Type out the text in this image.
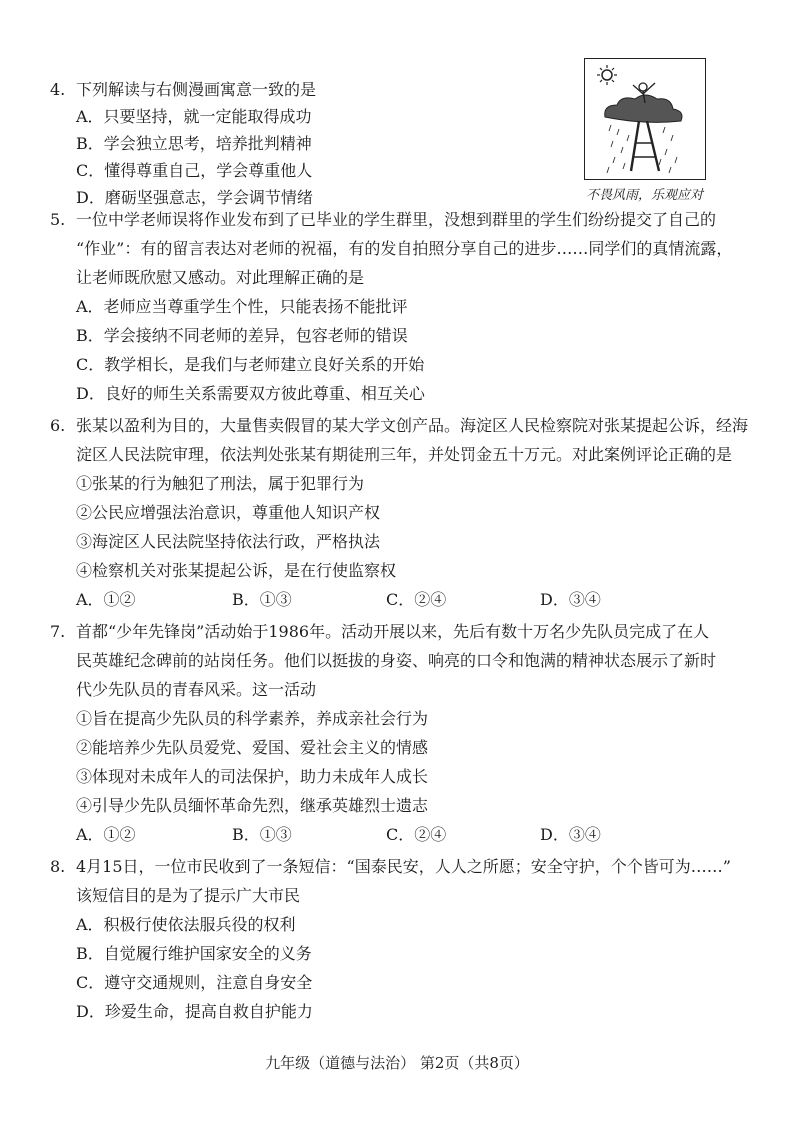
4. 下列解读与右侧漫画寓意一致的是
A．只要坚持，就一定能取得成功
B．学会独立思考，培养批判精神
C．懂得尊重自己，学会尊重他人
D．磨砺坚强意志，学会调节情绪	不畏风雨，乐观应对
5. 一位中学老师误将作业发布到了已毕业的学生群里，没想到群里的学生们纷纷提交了自己的
“作业”：有的留言表达对老师的祝福，有的发自拍照分享自己的进步……同学们的真情流露，
让老师既欣慰又感动。对此理解正确的是
A．老师应当尊重学生个性，只能表扬不能批评
B．学会接纳不同老师的差异，包容老师的错误
C．教学相长，是我们与老师建立良好关系的开始
D．良好的师生关系需要双方彼此尊重、相互关心
6. 张某以盈利为目的，大量售卖假冒的某大学文创产品。海淀区人民检察院对张某提起公诉，经海
淀区人民法院审理，依法判处张某有期徒刑三年，并处罚金五十万元。对此案例评论正确的是
①张某的行为触犯了刑法，属于犯罪行为
②公民应增强法治意识，尊重他人知识产权
③海淀区人民法院坚持依法行政，严格执法
④检察机关对张某提起公诉，是在行使监察权
A．①②	B．①③	C．②④	D．③④
7. 首都“少年先锋岗”活动始于1986年。活动开展以来，先后有数十万名少先队员完成了在人
民英雄纪念碑前的站岗任务。他们以挺拔的身姿、响亮的口令和饱满的精神状态展示了新时
代少先队员的青春风采。这一活动
①旨在提高少先队员的科学素养，养成亲社会行为
②能培养少先队员爱党、爱国、爱社会主义的情感
③体现对未成年人的司法保护，助力未成年人成长
④引导少先队员缅怀革命先烈，继承英雄烈士遗志
A．①②	B．①③	C．②④	D．③④
8. 4月15日，一位市民收到了一条短信：“国泰民安，人人之所愿；安全守护，个个皆可为……”
该短信目的是为了提示广大市民
A．积极行使依法服兵役的权利
B．自觉履行维护国家安全的义务
C．遵守交通规则，注意自身安全
D．珍爱生命，提高自救自护能力
九年级（道德与法治） 第2页（共8页）
